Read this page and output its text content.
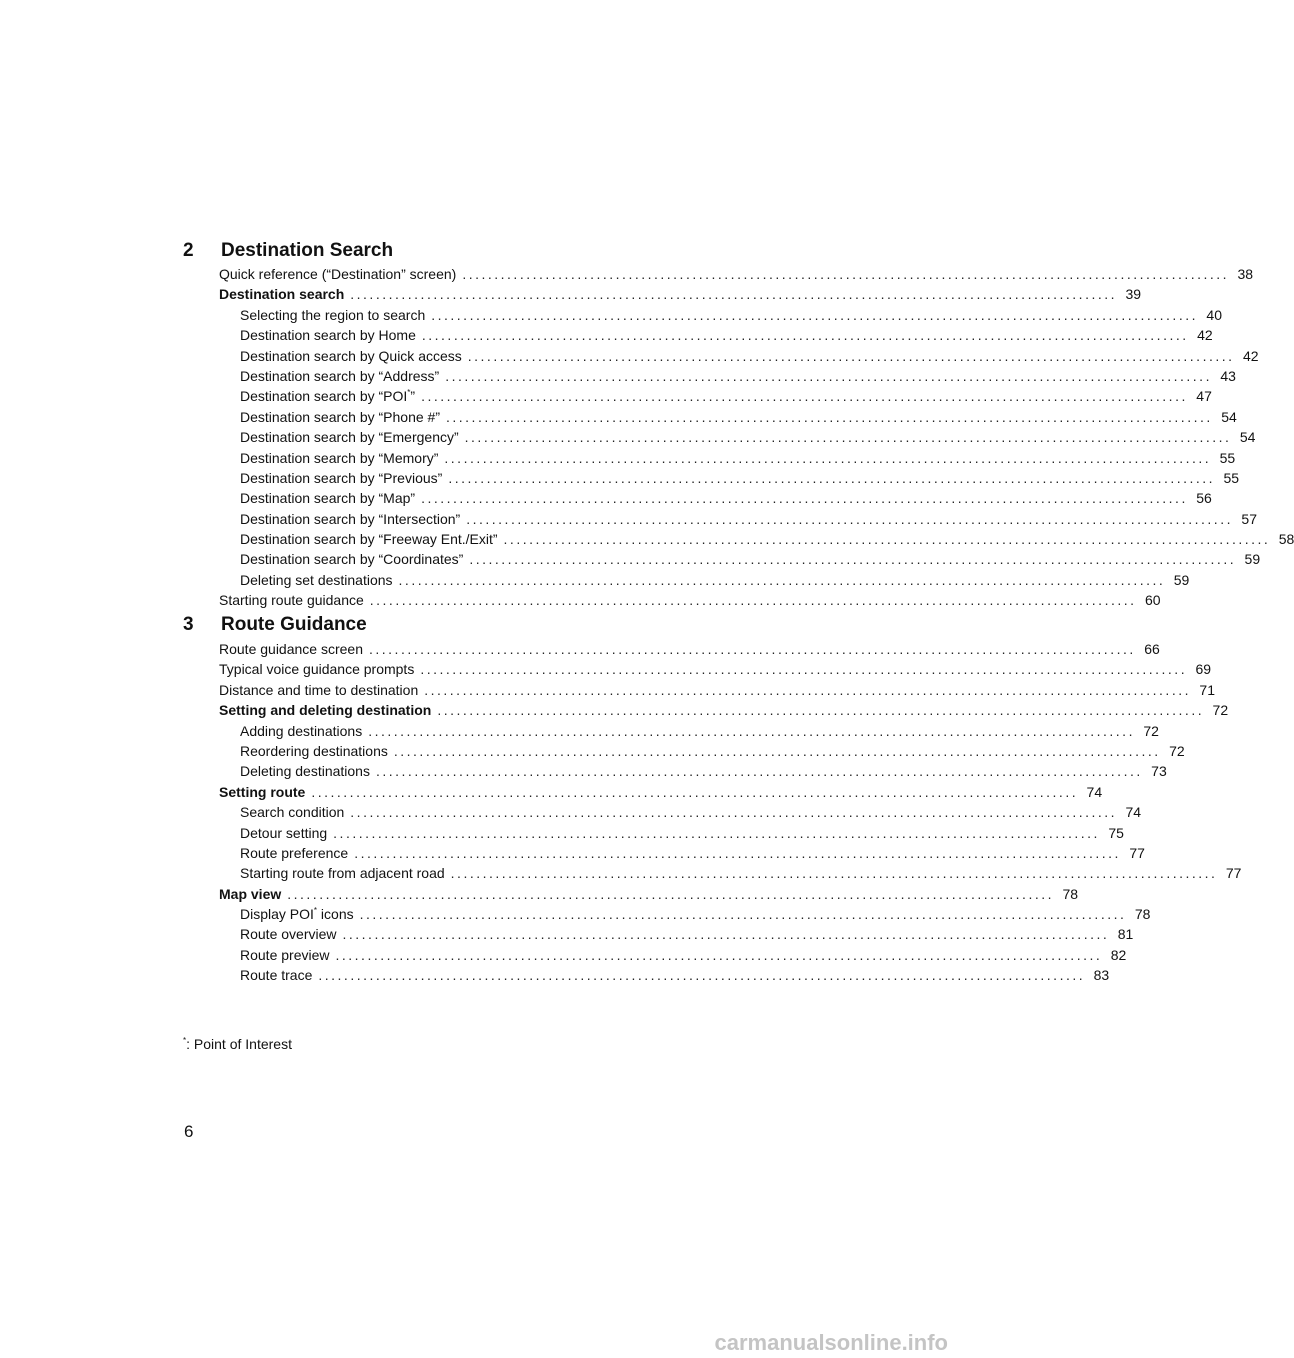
2 Destination Search
Quick reference (“Destination” screen) ........................................................................................................................ 38
Destination search ........................................................................................................................ 39
Selecting the region to search ........................................................................................................................ 40
Destination search by Home ........................................................................................................................ 42
Destination search by Quick access ........................................................................................................................ 42
Destination search by “Address” ........................................................................................................................ 43
Destination search by “POI*” ........................................................................................................................ 47
Destination search by “Phone #” ........................................................................................................................ 54
Destination search by “Emergency” ........................................................................................................................ 54
Destination search by “Memory” ........................................................................................................................ 55
Destination search by “Previous” ........................................................................................................................ 55
Destination search by “Map” ........................................................................................................................ 56
Destination search by “Intersection” ........................................................................................................................ 57
Destination search by “Freeway Ent./Exit” ........................................................................................................................ 58
Destination search by “Coordinates” ........................................................................................................................ 59
Deleting set destinations ........................................................................................................................ 59
Starting route guidance ........................................................................................................................ 60
3 Route Guidance
Route guidance screen ........................................................................................................................ 66
Typical voice guidance prompts ........................................................................................................................ 69
Distance and time to destination ........................................................................................................................ 71
Setting and deleting destination ........................................................................................................................ 72
Adding destinations ........................................................................................................................ 72
Reordering destinations ........................................................................................................................ 72
Deleting destinations ........................................................................................................................ 73
Setting route ........................................................................................................................ 74
Search condition ........................................................................................................................ 74
Detour setting ........................................................................................................................ 75
Route preference ........................................................................................................................ 77
Starting route from adjacent road ........................................................................................................................ 77
Map view ........................................................................................................................ 78
Display POI* icons ........................................................................................................................ 78
Route overview ........................................................................................................................ 81
Route preview ........................................................................................................................ 82
Route trace ........................................................................................................................ 83
*: Point of Interest
6
carmanualsonline.info
